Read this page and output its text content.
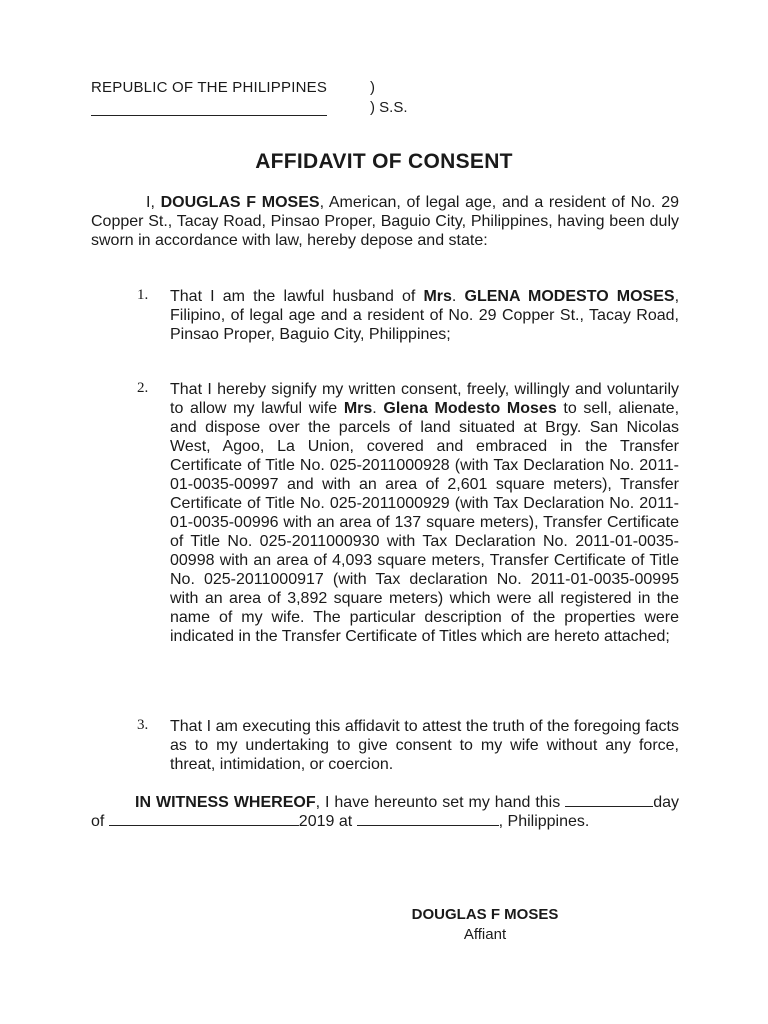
REPUBLIC OF THE PHILIPPINES	)
) S.S.
AFFIDAVIT OF CONSENT
I, DOUGLAS F MOSES, American, of legal age, and a resident of No. 29 Copper St., Tacay Road, Pinsao Proper, Baguio City, Philippines, having been duly sworn in accordance with law, hereby depose and state:
1. That I am the lawful husband of Mrs. GLENA MODESTO MOSES, Filipino, of legal age and a resident of No. 29 Copper St., Tacay Road, Pinsao Proper, Baguio City, Philippines;
2. That I hereby signify my written consent, freely, willingly and voluntarily to allow my lawful wife Mrs. Glena Modesto Moses to sell, alienate, and dispose over the parcels of land situated at Brgy. San Nicolas West, Agoo, La Union, covered and embraced in the Transfer Certificate of Title No. 025-2011000928 (with Tax Declaration No. 2011-01-0035-00997 and with an area of 2,601 square meters), Transfer Certificate of Title No. 025-2011000929 (with Tax Declaration No. 2011-01-0035-00996 with an area of 137 square meters), Transfer Certificate of Title No. 025-2011000930 with Tax Declaration No. 2011-01-0035-00998 with an area of 4,093 square meters, Transfer Certificate of Title No. 025-2011000917 (with Tax declaration No. 2011-01-0035-00995 with an area of 3,892 square meters) which were all registered in the name of my wife. The particular description of the properties were indicated in the Transfer Certificate of Titles which are hereto attached;
3. That I am executing this affidavit to attest the truth of the foregoing facts as to my undertaking to give consent to my wife without any force, threat, intimidation, or coercion.
IN WITNESS WHEREOF, I have hereunto set my hand this	day of	2019 at	, Philippines.
DOUGLAS F MOSES
Affiant
